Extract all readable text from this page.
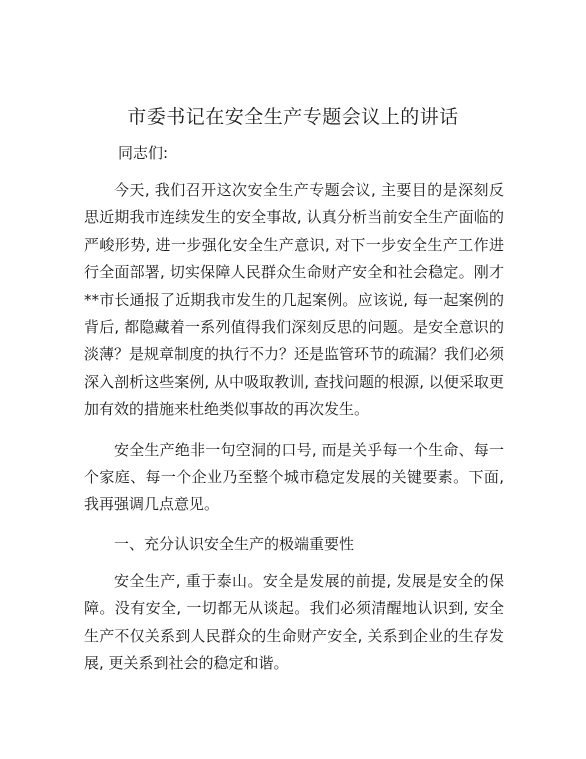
市委书记在安全生产专题会议上的讲话

同志们:

今天, 我们召开这次安全生产专题会议, 主要目的是深刻反思近期我市连续发生的安全事故, 认真分析当前安全生产面临的严峻形势, 进一步强化安全生产意识, 对下一步安全生产工作进行全面部署, 切实保障人民群众生命财产安全和社会稳定。刚才**市长通报了近期我市发生的几起案例。应该说, 每一起案例的背后, 都隐藏着一系列值得我们深刻反思的问题。是安全意识的淡薄？是规章制度的执行不力？还是监管环节的疏漏？我们必须深入剖析这些案例, 从中吸取教训, 查找问题的根源, 以便采取更加有效的措施来杜绝类似事故的再次发生。

安全生产绝非一句空洞的口号, 而是关乎每一个生命、每一个家庭、每一个企业乃至整个城市稳定发展的关键要素。下面, 我再强调几点意见。

一、充分认识安全生产的极端重要性

安全生产, 重于泰山。安全是发展的前提, 发展是安全的保障。没有安全, 一切都无从谈起。我们必须清醒地认识到, 安全生产不仅关系到人民群众的生命财产安全, 关系到企业的生存发展, 更关系到社会的稳定和谐。
